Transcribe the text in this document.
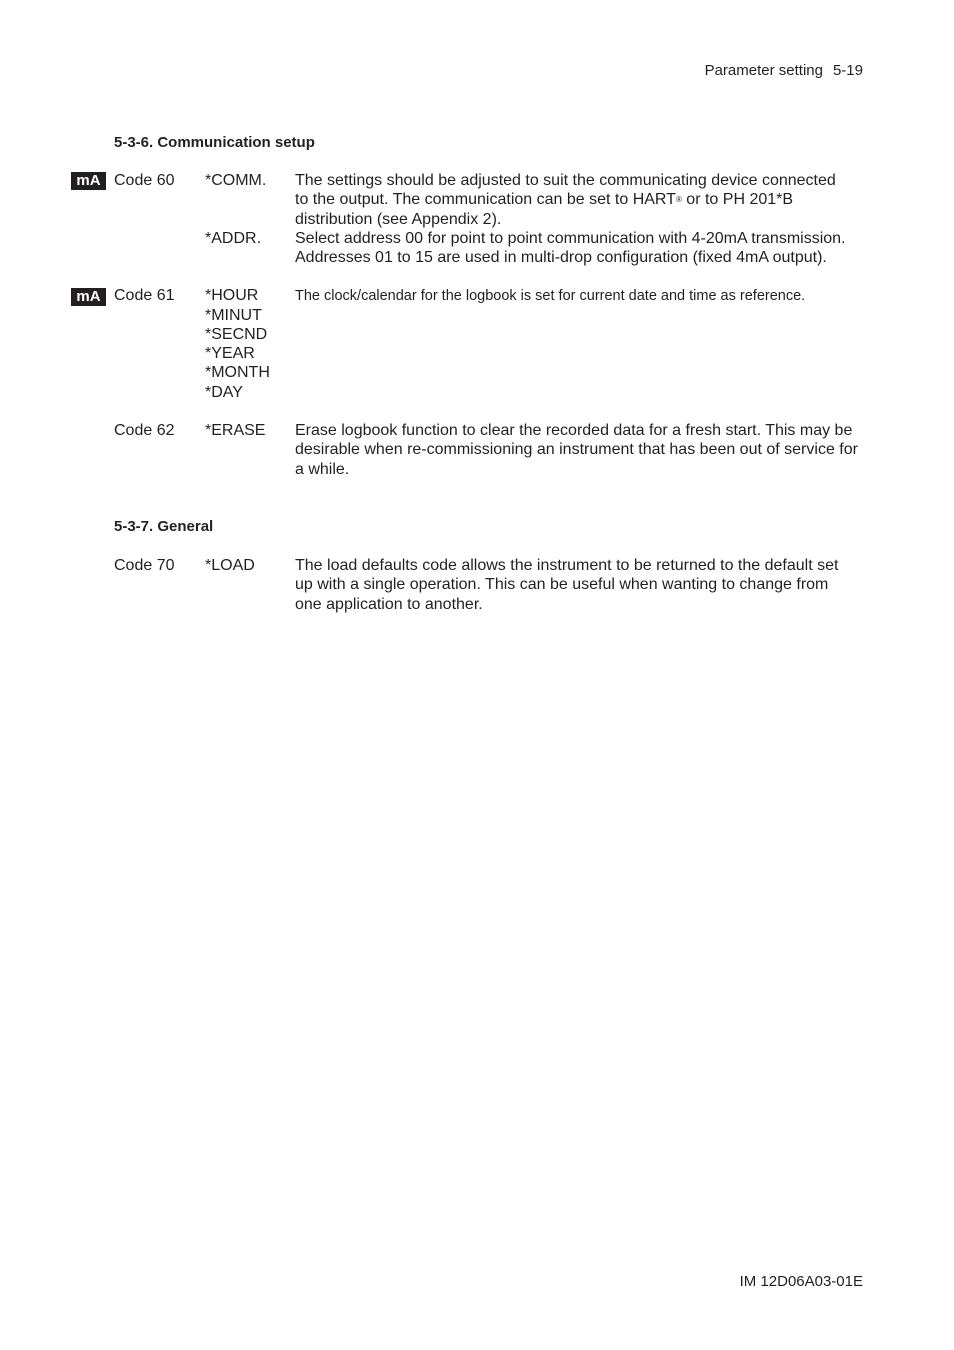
Parameter setting 5-19
5-3-6. Communication setup
mA Code 60 *COMM. The settings should be adjusted to suit the communicating device connected to the output. The communication can be set to HART® or to PH 201*B distribution (see Appendix 2).
*ADDR. Select address 00 for point to point communication with 4-20mA transmission. Addresses 01 to 15 are used in multi-drop configuration (fixed 4mA output).
mA Code 61 *HOUR
*MINUT
*SECND
*YEAR
*MONTH
*DAY
The clock/calendar for the logbook is set for current date and time as reference.
Code 62 *ERASE Erase logbook function to clear the recorded data for a fresh start. This may be desirable when re-commissioning an instrument that has been out of service for a while.
5-3-7. General
Code 70 *LOAD	The load defaults code allows the instrument to be returned to the default set up with a single operation. This can be useful when wanting to change from one application to another.
IM 12D06A03-01E
